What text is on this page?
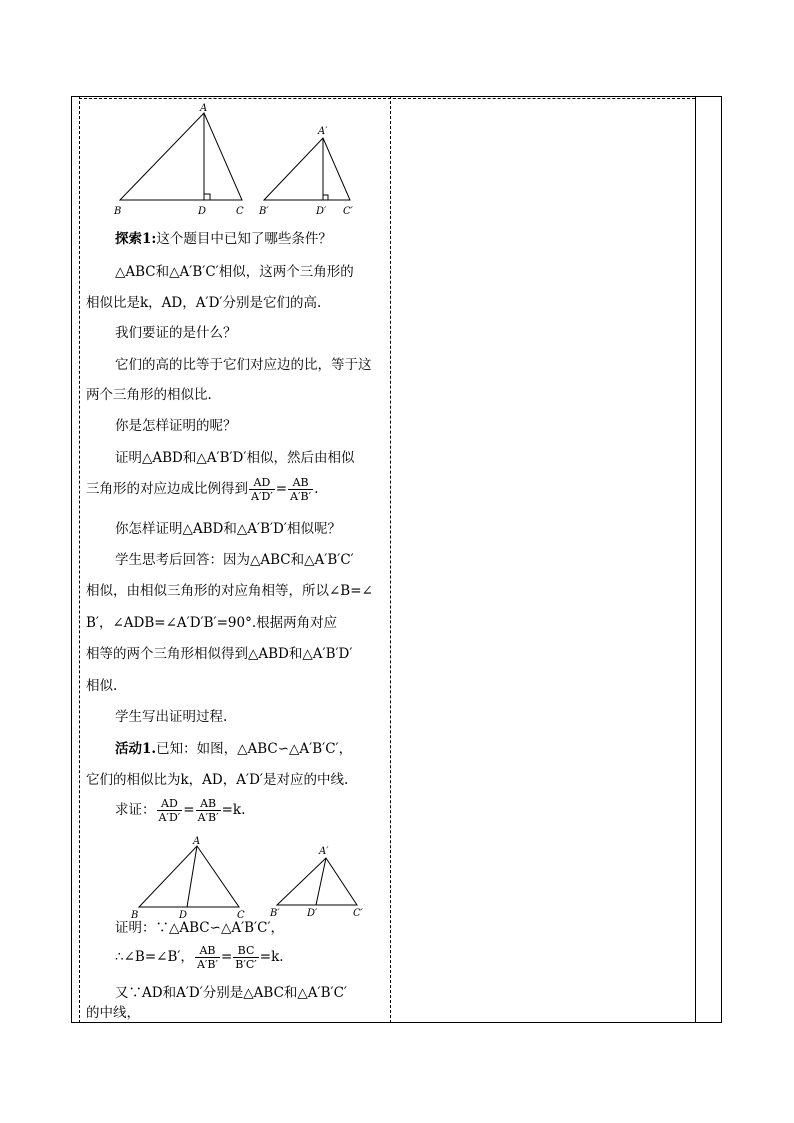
A
B	D	C
A′
B′	D′ C′
A
B	D	C
A′
B′	D′	C′
探索1:这个题目中已知了哪些条件？
△ABC和△A′B′C′相似，这两个三角形的
相似比是k，AD，A′D′分别是它们的高.
我们要证的是什么？
它们的高的比等于它们对应边的比，等于这
两个三角形的相似比.
你是怎样证明的呢？
证明△ABD和△A′B′D′相似，然后由相似
三角形的对应边成比例得到 $\frac{AD}{A'D'} = \frac{AB}{A'B'}$ .
你怎样证明△ABD和△A′B′D′相似呢？
学生思考后回答：因为△ABC和△A′B′C′
相似，由相似三角形的对应角相等，所以∠B=∠
B′，∠ADB=∠A′D′B′=90°.根据两角对应
相等的两个三角形相似得到△ABD和△A′B′D′
相似.
学生写出证明过程.
活动1.已知：如图，△ABC∽△A′B′C′，
它们的相似比为k，AD，A′D′是对应的中线.
求证： $\frac{AD}{A'D'} = \frac{AB}{A'B'} =k$.
证明：∵△ABC∽△A′B′C′，
∴∠B=∠B′， $\frac{AB}{A'B'} = \frac{BC}{B'C'} =k$.
又∵AD和A′D′分别是△ABC和△A′B′C′
的中线，
